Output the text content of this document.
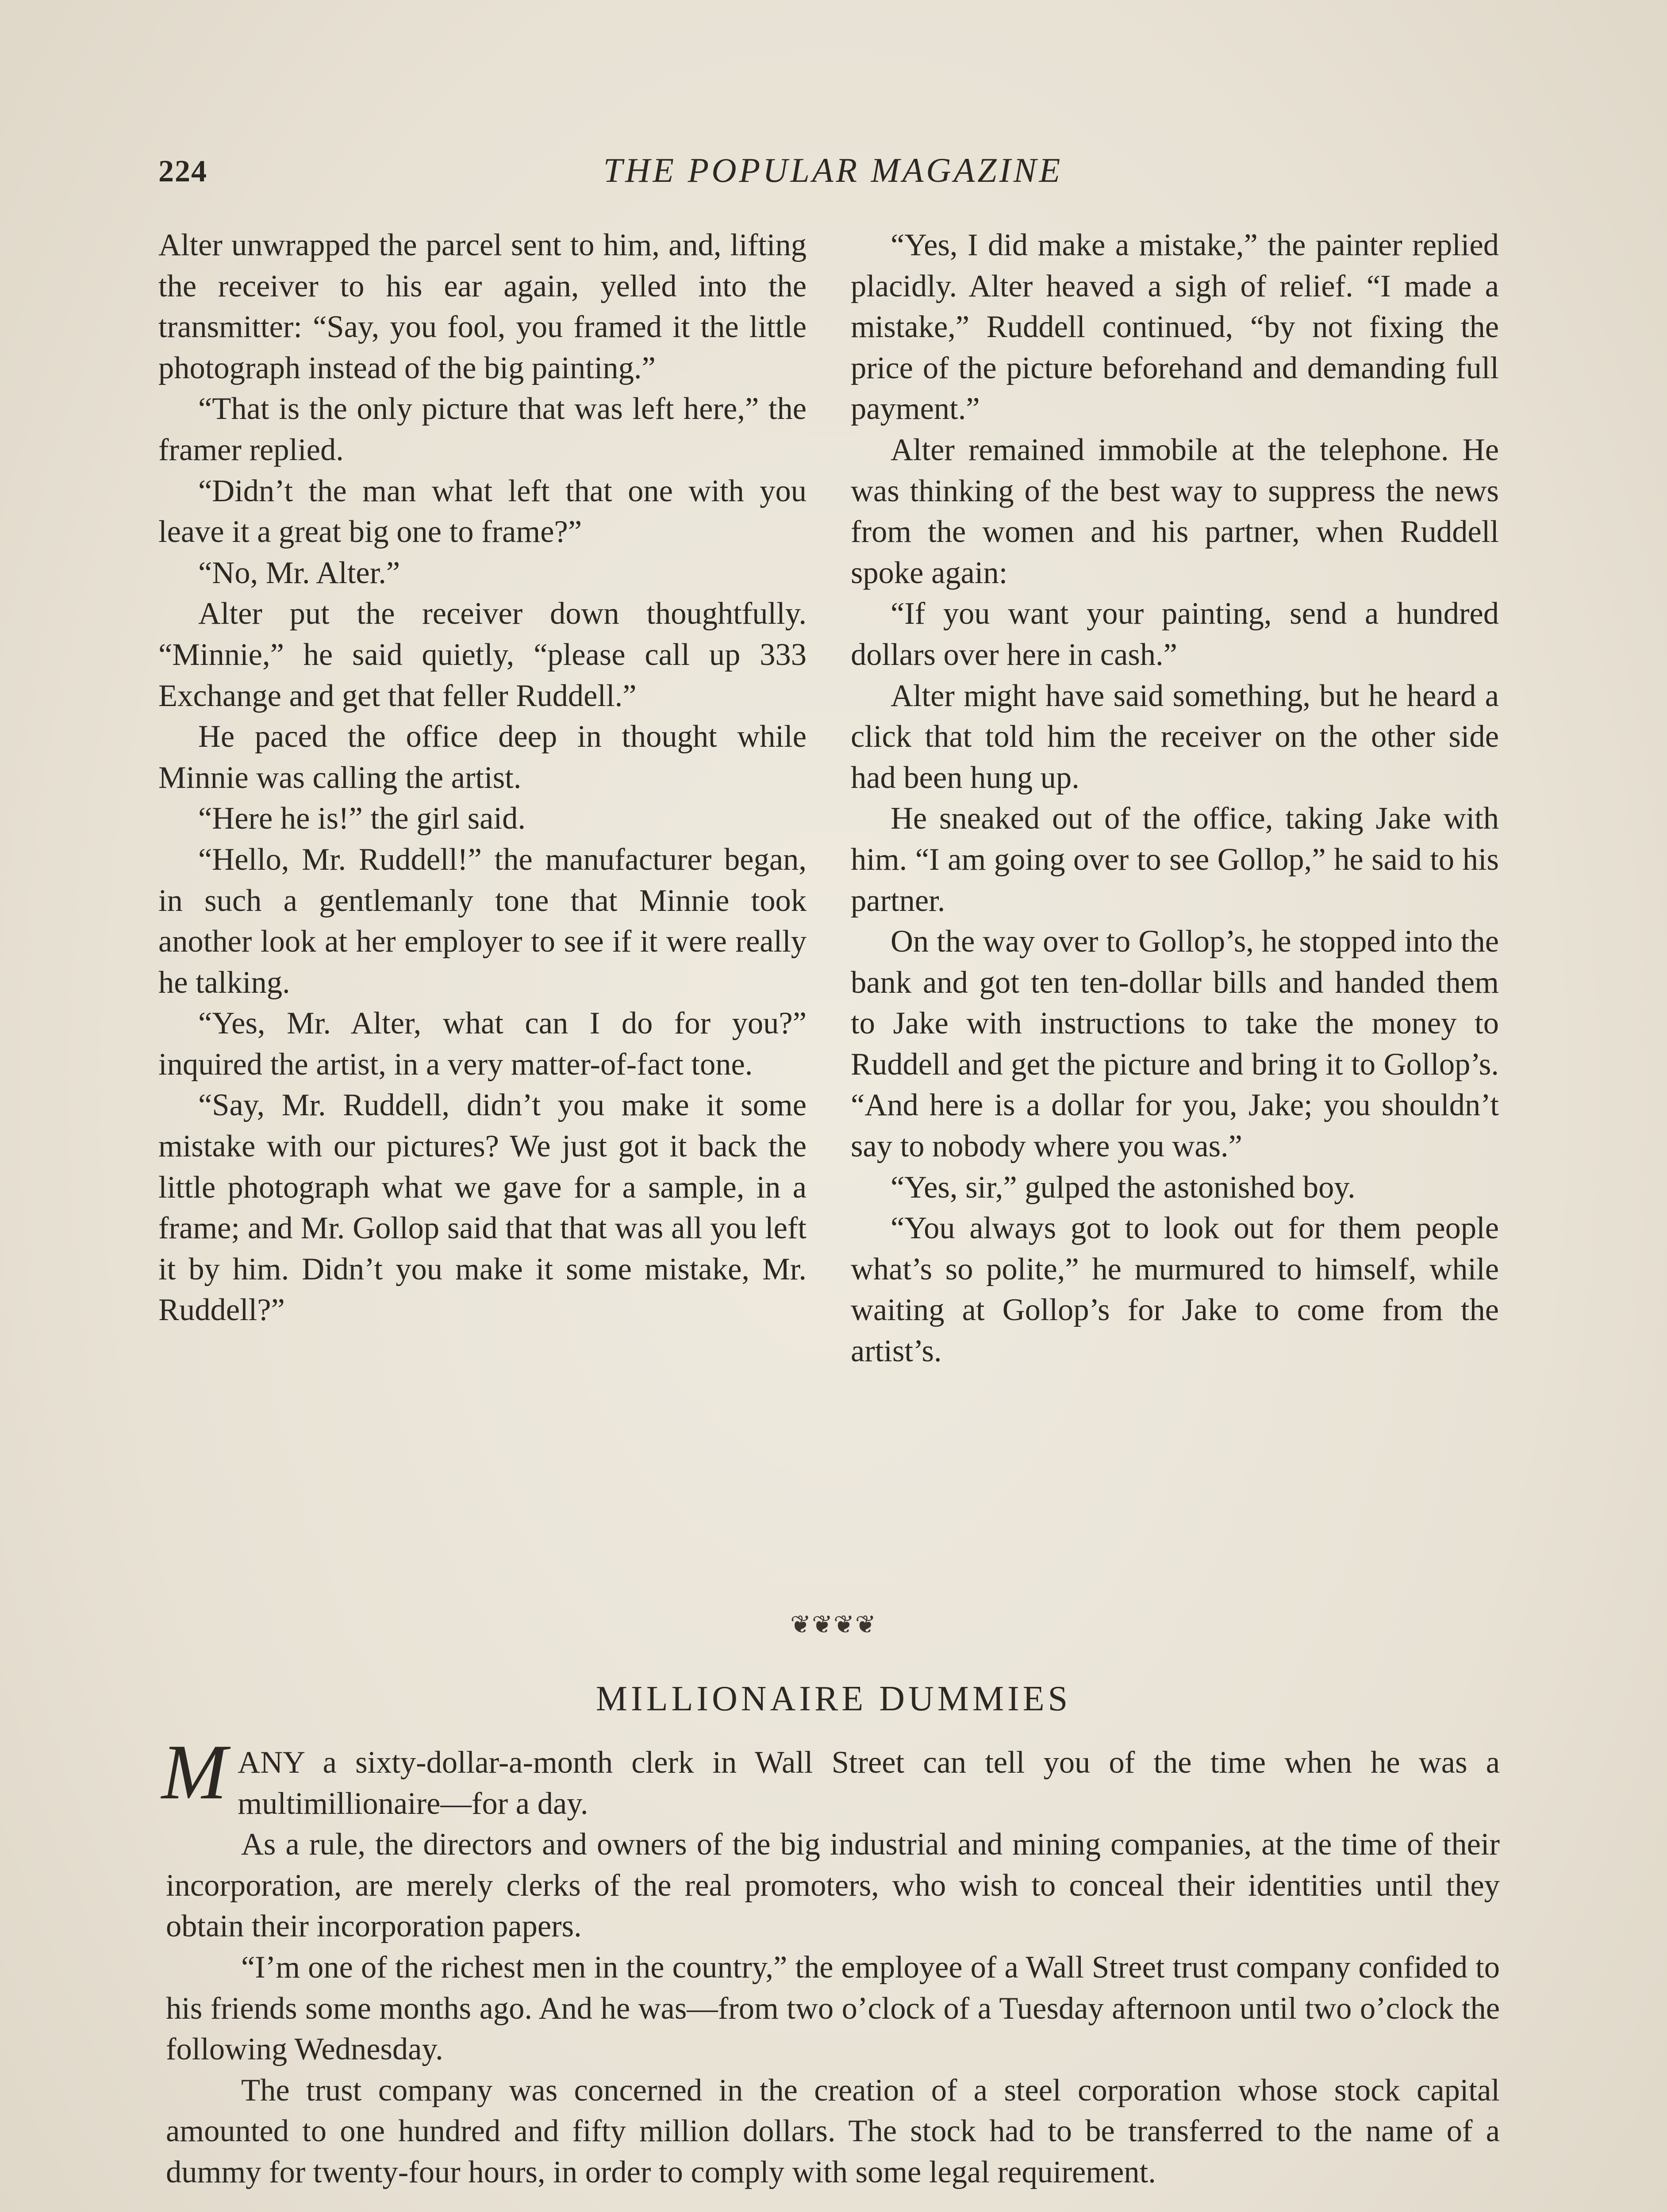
224	THE POPULAR MAGAZINE

Alter unwrapped the parcel sent to him, and, lifting the receiver to his ear again, yelled into the transmitter: “Say, you fool, you framed it the little photograph instead of the big painting.”

“That is the only picture that was left here,” the framer replied.

“Didn’t the man what left that one with you leave it a great big one to frame?”

“No, Mr. Alter.”

Alter put the receiver down thoughtfully. “Minnie,” he said quietly, “please call up 333 Exchange and get that feller Ruddell.”

He paced the office deep in thought while Minnie was calling the artist.

“Here he is!” the girl said.

“Hello, Mr. Ruddell!” the manufacturer began, in such a gentlemanly tone that Minnie took another look at her employer to see if it were really he talking.

“Yes, Mr. Alter, what can I do for you?” inquired the artist, in a very matter-of-fact tone.

“Say, Mr. Ruddell, didn’t you make it some mistake with our pictures? We just got it back the little photograph what we gave for a sample, in a frame; and Mr. Gollop said that that was all you left it by him. Didn’t you make it some mistake, Mr. Ruddell?”

“Yes, I did make a mistake,” the painter replied placidly. Alter heaved a sigh of relief. “I made a mistake,” Ruddell continued, “by not fixing the price of the picture beforehand and demanding full payment.”

Alter remained immobile at the telephone. He was thinking of the best way to suppress the news from the women and his partner, when Ruddell spoke again:

“If you want your painting, send a hundred dollars over here in cash.”

Alter might have said something, but he heard a click that told him the receiver on the other side had been hung up.

He sneaked out of the office, taking Jake with him. “I am going over to see Gollop,” he said to his partner.

On the way over to Gollop’s, he stopped into the bank and got ten ten-dollar bills and handed them to Jake with instructions to take the money to Ruddell and get the picture and bring it to Gollop’s. “And here is a dollar for you, Jake; you shouldn’t say to nobody where you was.”

“Yes, sir,” gulped the astonished boy.

“You always got to look out for them people what’s so polite,” he murmured to himself, while waiting at Gollop’s for Jake to come from the artist’s.

❦❦❦❦
MILLIONAIRE DUMMIES

MANY a sixty-dollar-a-month clerk in Wall Street can tell you of the time when he was a multimillionaire—for a day.

As a rule, the directors and owners of the big industrial and mining companies, at the time of their incorporation, are merely clerks of the real promoters, who wish to conceal their identities until they obtain their incorporation papers.

“I’m one of the richest men in the country,” the employee of a Wall Street trust company confided to his friends some months ago. And he was—from two o’clock of a Tuesday afternoon until two o’clock the following Wednesday.

The trust company was concerned in the creation of a steel corporation whose stock capital amounted to one hundred and fifty million dollars. The stock had to be transferred to the name of a dummy for twenty-four hours, in order to comply with some legal requirement.
